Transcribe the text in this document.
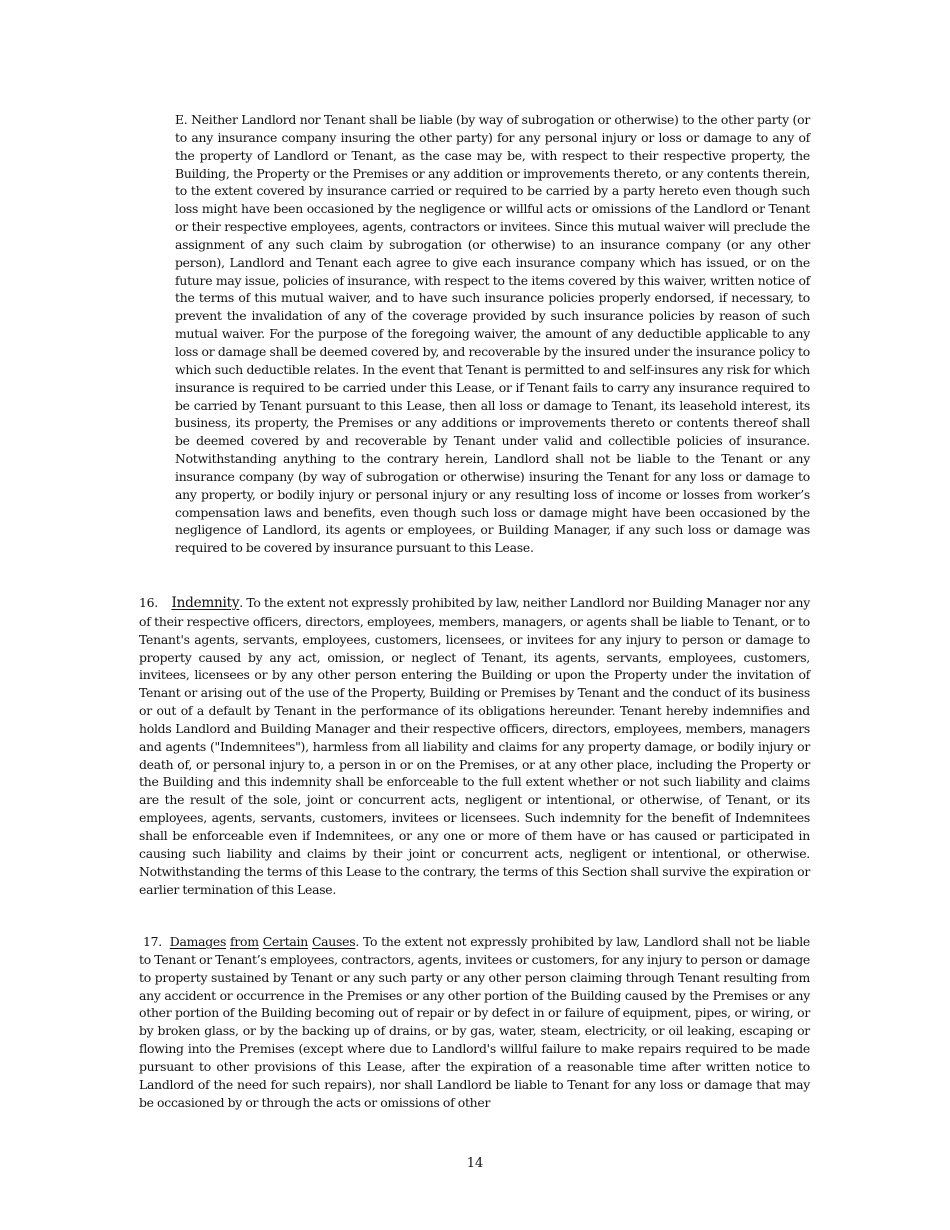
E. Neither Landlord nor Tenant shall be liable (by way of subrogation or otherwise) to the other party (or to any insurance company insuring the other party) for any personal injury or loss or damage to any of the property of Landlord or Tenant, as the case may be, with respect to their respective property, the Building, the Property or the Premises or any addition or improvements thereto, or any contents therein, to the extent covered by insurance carried or required to be carried by a party hereto even though such loss might have been occasioned by the negligence or willful acts or omissions of the Landlord or Tenant or their respective employees, agents, contractors or invitees. Since this mutual waiver will preclude the assignment of any such claim by subrogation (or otherwise) to an insurance company (or any other person), Landlord and Tenant each agree to give each insurance company which has issued, or on the future may issue, policies of insurance, with respect to the items covered by this waiver, written notice of the terms of this mutual waiver, and to have such insurance policies properly endorsed, if necessary, to prevent the invalidation of any of the coverage provided by such insurance policies by reason of such mutual waiver. For the purpose of the foregoing waiver, the amount of any deductible applicable to any loss or damage shall be deemed covered by, and recoverable by the insured under the insurance policy to which such deductible relates. In the event that Tenant is permitted to and self-insures any risk for which insurance is required to be carried under this Lease, or if Tenant fails to carry any insurance required to be carried by Tenant pursuant to this Lease, then all loss or damage to Tenant, its leasehold interest, its business, its property, the Premises or any additions or improvements thereto or contents thereof shall be deemed covered by and recoverable by Tenant under valid and collectible policies of insurance. Notwithstanding anything to the contrary herein, Landlord shall not be liable to the Tenant or any insurance company (by way of subrogation or otherwise) insuring the Tenant for any loss or damage to any property, or bodily injury or personal injury or any resulting loss of income or losses from worker’s compensation laws and benefits, even though such loss or damage might have been occasioned by the negligence of Landlord, its agents or employees, or Building Manager, if any such loss or damage was required to be covered by insurance pursuant to this Lease.

16. Indemnity. To the extent not expressly prohibited by law, neither Landlord nor Building Manager nor any of their respective officers, directors, employees, members, managers, or agents shall be liable to Tenant, or to Tenant's agents, servants, employees, customers, licensees, or invitees for any injury to person or damage to property caused by any act, omission, or neglect of Tenant, its agents, servants, employees, customers, invitees, licensees or by any other person entering the Building or upon the Property under the invitation of Tenant or arising out of the use of the Property, Building or Premises by Tenant and the conduct of its business or out of a default by Tenant in the performance of its obligations hereunder. Tenant hereby indemnifies and holds Landlord and Building Manager and their respective officers, directors, employees, members, managers and agents ("Indemnitees"), harmless from all liability and claims for any property damage, or bodily injury or death of, or personal injury to, a person in or on the Premises, or at any other place, including the Property or the Building and this indemnity shall be enforceable to the full extent whether or not such liability and claims are the result of the sole, joint or concurrent acts, negligent or intentional, or otherwise, of Tenant, or its employees, agents, servants, customers, invitees or licensees. Such indemnity for the benefit of Indemnitees shall be enforceable even if Indemnitees, or any one or more of them have or has caused or participated in causing such liability and claims by their joint or concurrent acts, negligent or intentional, or otherwise. Notwithstanding the terms of this Lease to the contrary, the terms of this Section shall survive the expiration or earlier termination of this Lease.

17. Damages from Certain Causes. To the extent not expressly prohibited by law, Landlord shall not be liable to Tenant or Tenant’s employees, contractors, agents, invitees or customers, for any injury to person or damage to property sustained by Tenant or any such party or any other person claiming through Tenant resulting from any accident or occurrence in the Premises or any other portion of the Building caused by the Premises or any other portion of the Building becoming out of repair or by defect in or failure of equipment, pipes, or wiring, or by broken glass, or by the backing up of drains, or by gas, water, steam, electricity, or oil leaking, escaping or flowing into the Premises (except where due to Landlord's willful failure to make repairs required to be made pursuant to other provisions of this Lease, after the expiration of a reasonable time after written notice to Landlord of the need for such repairs), nor shall Landlord be liable to Tenant for any loss or damage that may be occasioned by or through the acts or omissions of other

14
